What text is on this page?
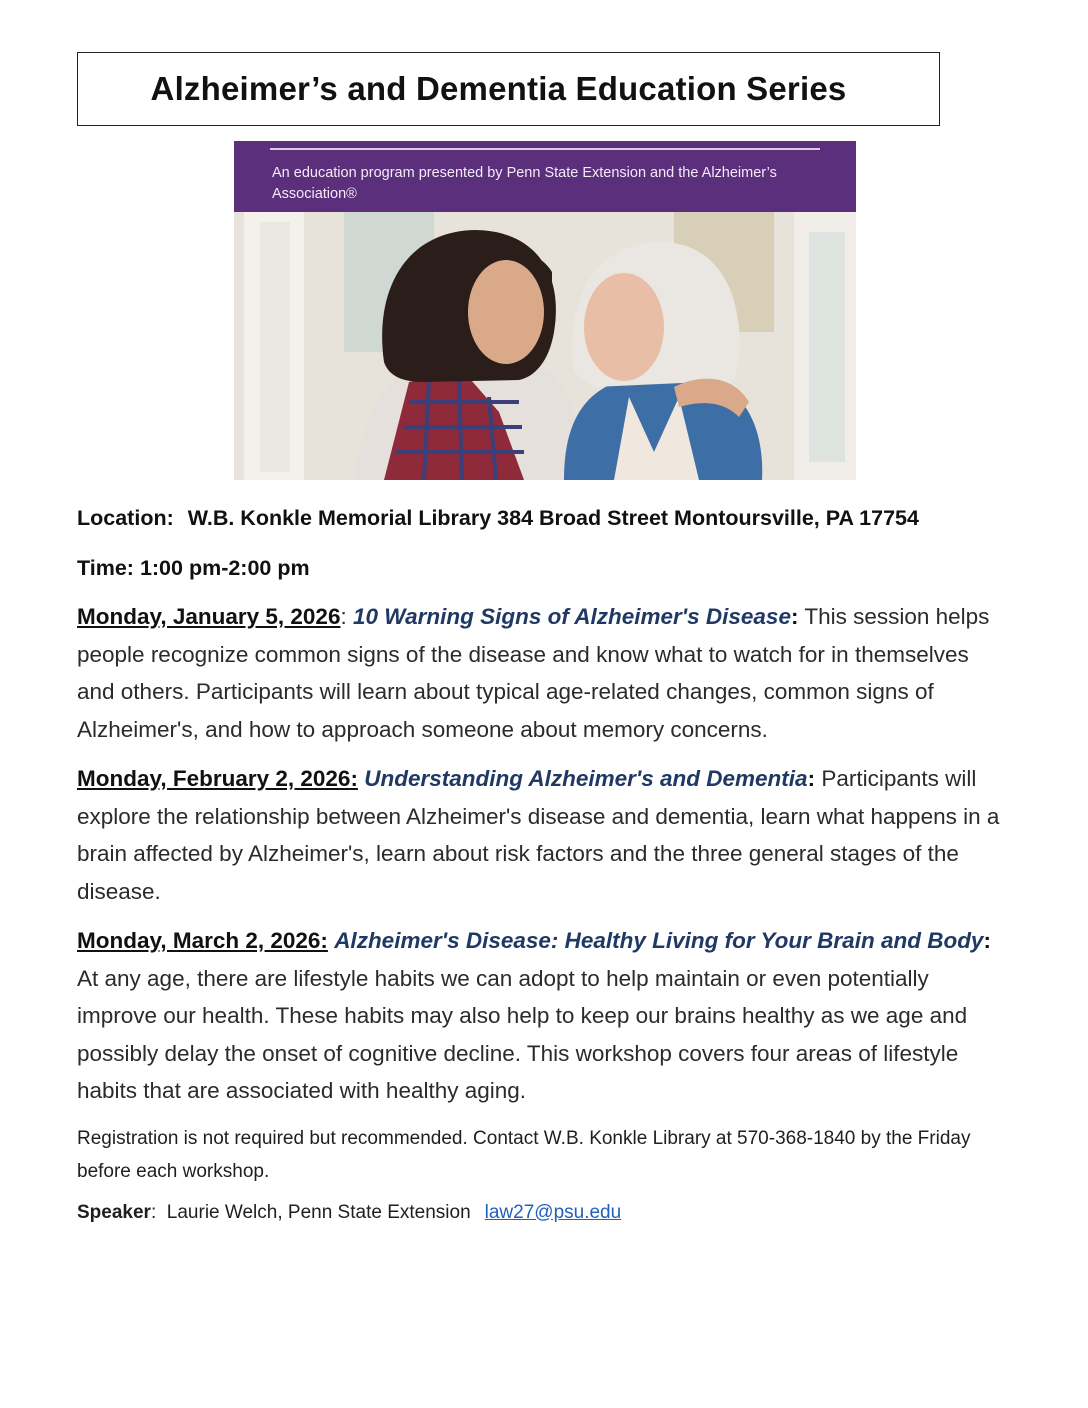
Alzheimer’s and Dementia Education Series
An education program presented by Penn State Extension and the Alzheimer’s Association®

Location: W.B. Konkle Memorial Library 384 Broad Street Montoursville, PA 17754

Time: 1:00 pm-2:00 pm

Monday, January 5, 2026: 10 Warning Signs of Alzheimer's Disease: This session helps people recognize common signs of the disease and know what to watch for in themselves and others. Participants will learn about typical age-related changes, common signs of Alzheimer's, and how to approach someone about memory concerns.

Monday, February 2, 2026: Understanding Alzheimer's and Dementia: Participants will explore the relationship between Alzheimer's disease and dementia, learn what happens in a brain affected by Alzheimer's, learn about risk factors and the three general stages of the disease.

Monday, March 2, 2026: Alzheimer's Disease: Healthy Living for Your Brain and Body: At any age, there are lifestyle habits we can adopt to help maintain or even potentially improve our health. These habits may also help to keep our brains healthy as we age and possibly delay the onset of cognitive decline. This workshop covers four areas of lifestyle habits that are associated with healthy aging.

Registration is not required but recommended. Contact W.B. Konkle Library at 570-368-1840 by the Friday before each workshop.

Speaker:  Laurie Welch, Penn State Extension law27@psu.edu
